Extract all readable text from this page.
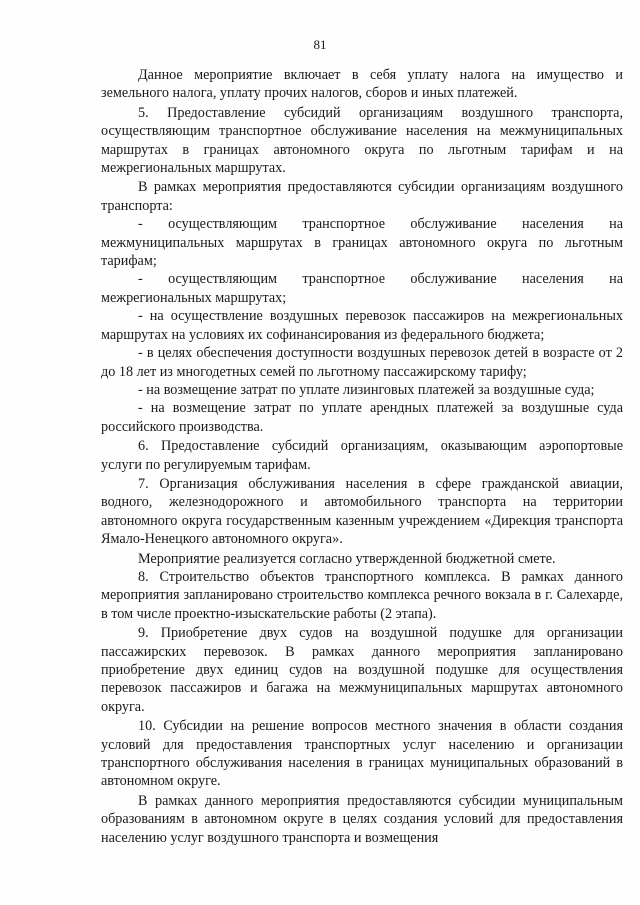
81

Данное мероприятие включает в себя уплату налога на имущество и земельного налога, уплату прочих налогов, сборов и иных платежей.

5. Предоставление субсидий организациям воздушного транспорта, осуществляющим транспортное обслуживание населения на межмуниципальных маршрутах в границах автономного округа по льготным тарифам и на межрегиональных маршрутах.

В рамках мероприятия предоставляются субсидии организациям воздушного транспорта:

- осуществляющим транспортное обслуживание населения на межмуниципальных маршрутах в границах автономного округа по льготным тарифам;

- осуществляющим транспортное обслуживание населения на межрегиональных маршрутах;

- на осуществление воздушных перевозок пассажиров на межрегиональных маршрутах на условиях их софинансирования из федерального бюджета;

- в целях обеспечения доступности воздушных перевозок детей в возрасте от 2 до 18 лет из многодетных семей по льготному пассажирскому тарифу;

- на возмещение затрат по уплате лизинговых платежей за воздушные суда;

- на возмещение затрат по уплате арендных платежей за воздушные суда российского производства.

6. Предоставление субсидий организациям, оказывающим аэропортовые услуги по регулируемым тарифам.

7. Организация обслуживания населения в сфере гражданской авиации, водного, железнодорожного и автомобильного транспорта на территории автономного округа государственным казенным учреждением «Дирекция транспорта Ямало-Ненецкого автономного округа».

Мероприятие реализуется согласно утвержденной бюджетной смете.

8. Строительство объектов транспортного комплекса. В рамках данного мероприятия запланировано строительство комплекса речного вокзала в г. Салехарде, в том числе проектно-изыскательские работы (2 этапа).

9. Приобретение двух судов на воздушной подушке для организации пассажирских перевозок. В рамках данного мероприятия запланировано приобретение двух единиц судов на воздушной подушке для осуществления перевозок пассажиров и багажа на межмуниципальных маршрутах автономного округа.

10. Субсидии на решение вопросов местного значения в области создания условий для предоставления транспортных услуг населению и организации транспортного обслуживания населения в границах муниципальных образований в автономном округе.

В рамках данного мероприятия предоставляются субсидии муниципальным образованиям в автономном округе в целях создания условий для предоставления населению услуг воздушного транспорта и возмещения
